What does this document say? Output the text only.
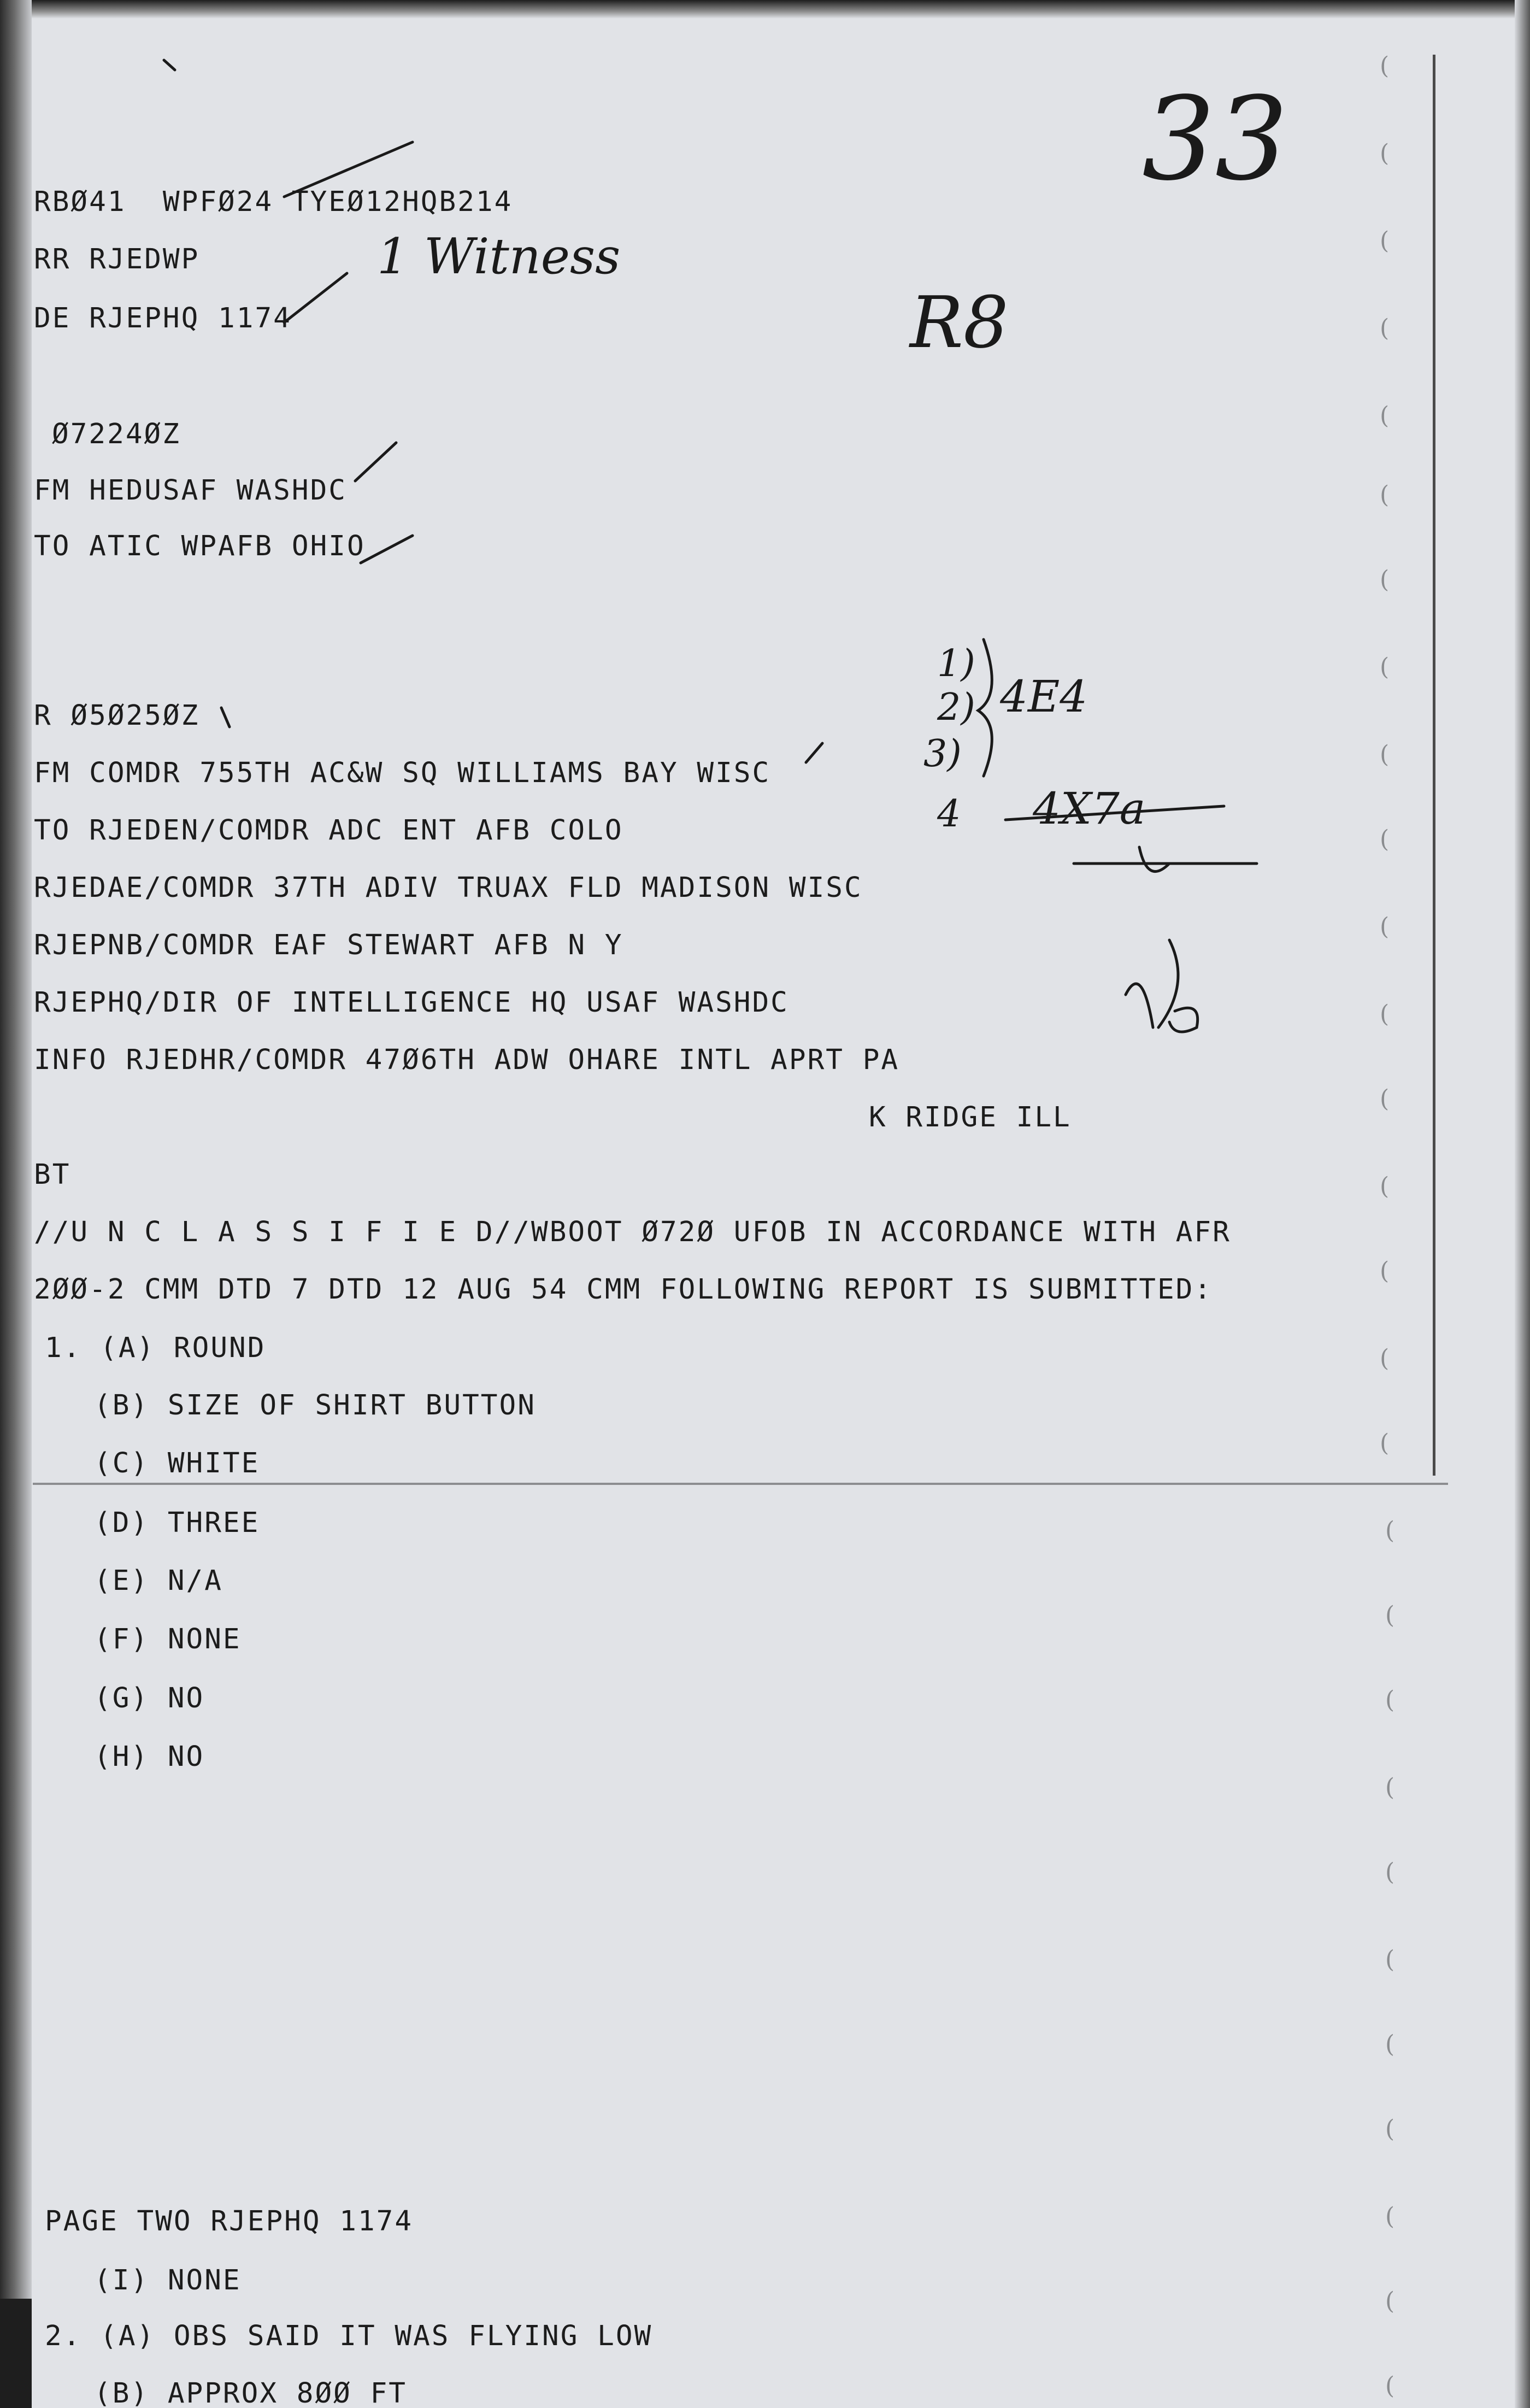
(
(
(
(
(
(
(
(
(
(
(
(
(
(
(
(
(
(
(
(
(
(
(
(
(
(
(
(
RBØ41  WPFØ24 TYEØ12HQB214
RR RJEDWP
DE RJEPHQ 1174
Ø7224ØZ
FM HEDUSAF WASHDC
TO ATIC WPAFB OHIO
R Ø5Ø25ØZ
FM COMDR 755TH AC&W SQ WILLIAMS BAY WISC
TO RJEDEN/COMDR ADC ENT AFB COLO
RJEDAE/COMDR 37TH ADIV TRUAX FLD MADISON WISC
RJEPNB/COMDR EAF STEWART AFB N Y
RJEPHQ/DIR OF INTELLIGENCE HQ USAF WASHDC
INFO RJEDHR/COMDR 47Ø6TH ADW OHARE INTL APRT PA
K RIDGE ILL
BT
//U N C L A S S I F I E D//WBOOT Ø72Ø UFOB IN ACCORDANCE WITH AFR
2ØØ-2 CMM DTD 7 DTD 12 AUG 54 CMM FOLLOWING REPORT IS SUBMITTED:
1. (A) ROUND
(B) SIZE OF SHIRT BUTTON
(C) WHITE
(D) THREE
(E) N/A
(F) NONE
(G) NO
(H) NO
PAGE TWO RJEPHQ 1174
(I) NONE
2. (A) OBS SAID IT WAS FLYING LOW
(B) APPROX 8ØØ FT
33
1 Witness
R8
1)
2)
3)
4
4E4
4X7a
